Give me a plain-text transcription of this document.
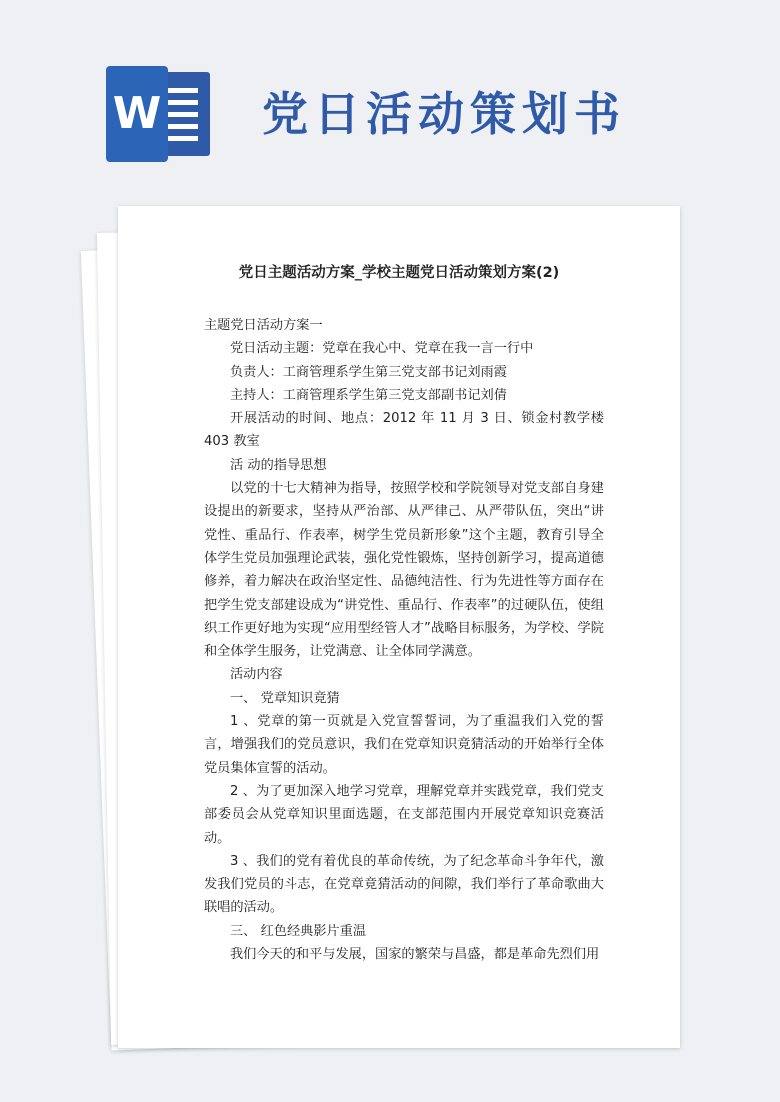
W 党日活动策划书
党日主题活动方案_学校主题党日活动策划方案(2)

主题党日活动方案一

党日活动主题：党章在我心中、党章在我一言一行中

负责人：工商管理系学生第三党支部书记刘雨霞

主持人：工商管理系学生第三党支部副书记刘倩

开展活动的时间、地点：2012 年 11 月 3 日、锁金村教学楼 403 教室

活 动的指导思想

以党的十七大精神为指导，按照学校和学院领导对党支部自身建设提出的新要求，坚持从严治部、从严律己、从严带队伍，突出“讲党性、重品行、作表率，树学生党员新形象”这个主题，教育引导全体学生党员加强理论武装，强化党性锻炼，坚持创新学习，提高道德修养，着力解决在政治坚定性、品德纯洁性、行为先进性等方面存在把学生党支部建设成为“讲党性、重品行、作表率”的过硬队伍，使组织工作更好地为实现“应用型经管人才”战略目标服务，为学校、学院和全体学生服务，让党满意、让全体同学满意。

活动内容

一、 党章知识竟猜

1 、党章的第一页就是入党宣誓誓词，为了重温我们入党的誓言，增强我们的党员意识，我们在党章知识竟猜活动的开始举行全体党员集体宣誓的活动。

2 、为了更加深入地学习党章，理解党章并实践党章，我们党支部委员会从党章知识里面选题，在支部范围内开展党章知识竞赛活动。

3 、我们的党有着优良的革命传统，为了纪念革命斗争年代，激发我们党员的斗志，在党章竟猜活动的间隙，我们举行了革命歌曲大联唱的活动。

三、 红色经典影片重温

我们今天的和平与发展，国家的繁荣与昌盛，都是革命先烈们用
